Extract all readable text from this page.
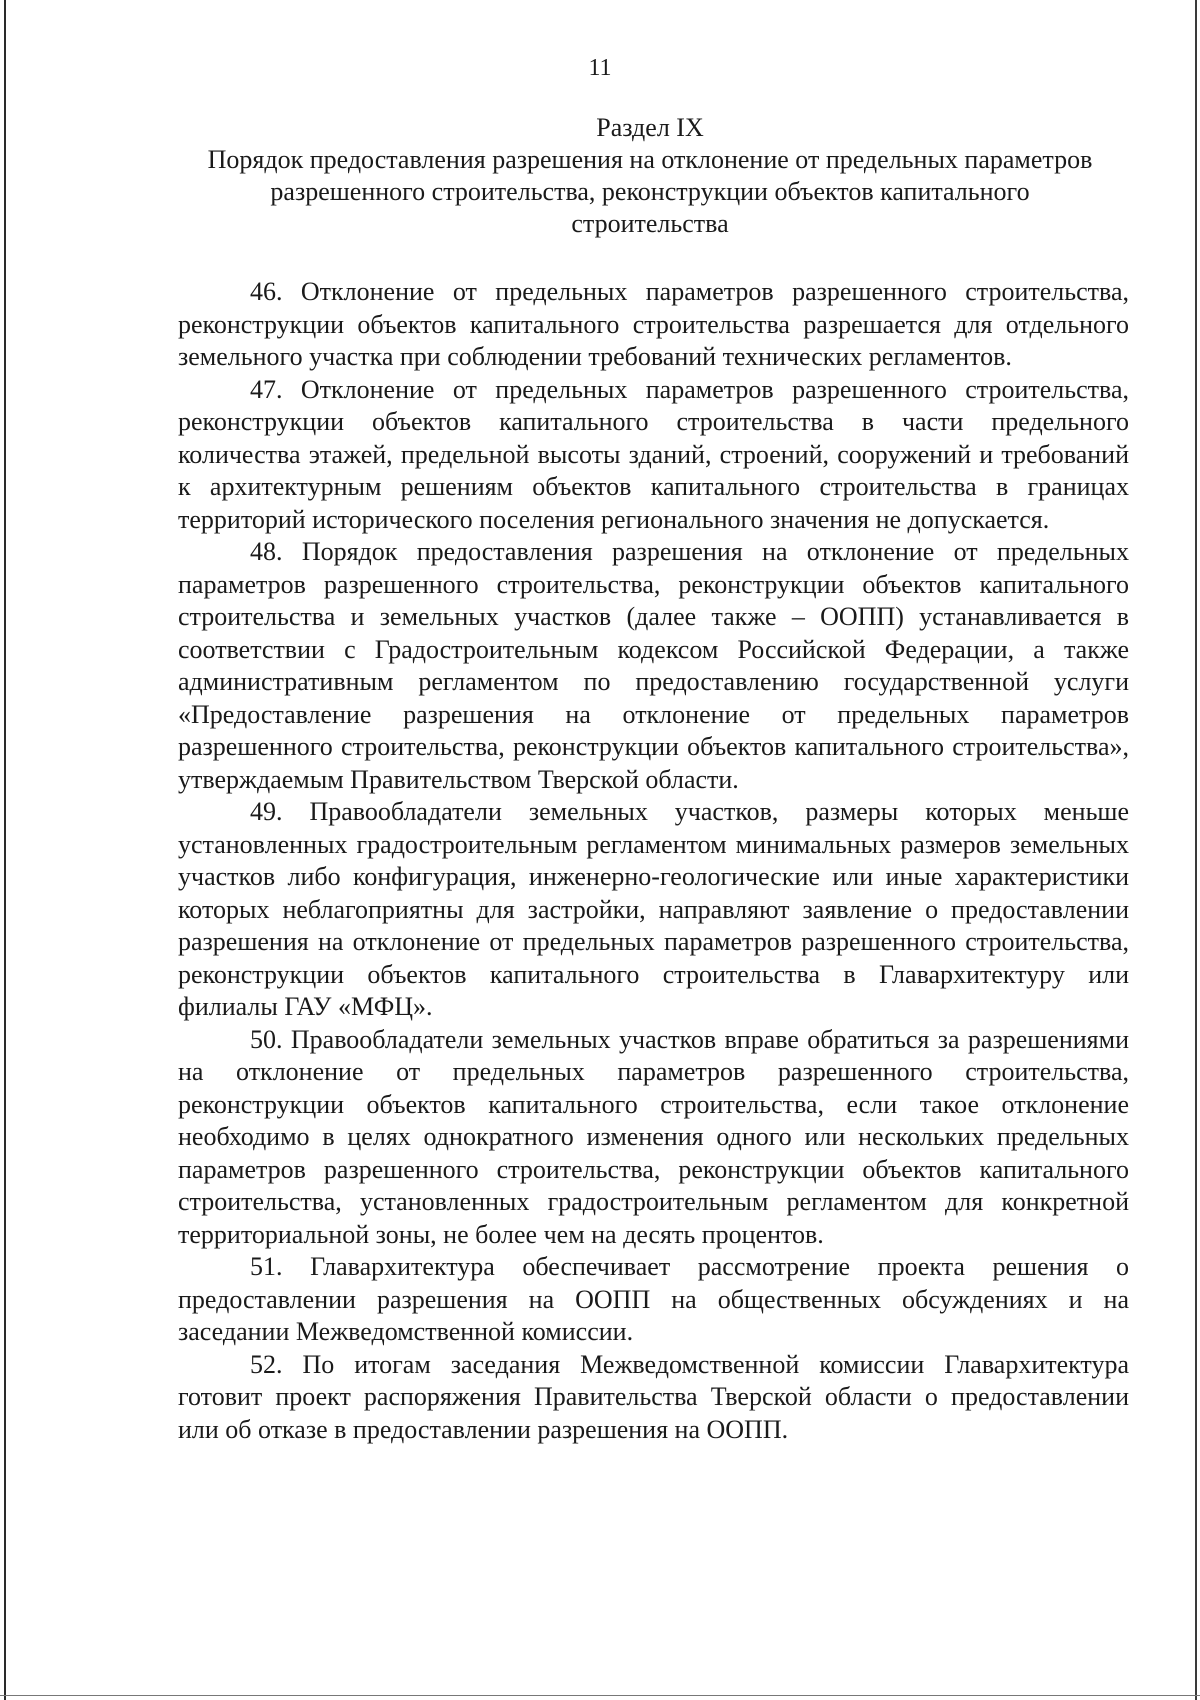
11
Раздел IX
Порядок предоставления разрешения на отклонение от предельных параметров разрешенного строительства, реконструкции объектов капитального строительства

46. Отклонение от предельных параметров разрешенного строительства, реконструкции объектов капитального строительства разрешается для отдельного земельного участка при соблюдении требований технических регламентов.

47. Отклонение от предельных параметров разрешенного строительства, реконструкции объектов капитального строительства в части предельного количества этажей, предельной высоты зданий, строений, сооружений и требований к архитектурным решениям объектов капитального строительства в границах территорий исторического поселения регионального значения не допускается.

48. Порядок предоставления разрешения на отклонение от предельных параметров разрешенного строительства, реконструкции объектов капитального строительства и земельных участков (далее также – ООПП) устанавливается в соответствии с Градостроительным кодексом Российской Федерации, а также административным регламентом по предоставлению государственной услуги «Предоставление разрешения на отклонение от предельных параметров разрешенного строительства, реконструкции объектов капитального строительства», утверждаемым Правительством Тверской области.

49. Правообладатели земельных участков, размеры которых меньше установленных градостроительным регламентом минимальных размеров земельных участков либо конфигурация, инженерно-геологические или иные характеристики которых неблагоприятны для застройки, направляют заявление о предоставлении разрешения на отклонение от предельных параметров разрешенного строительства, реконструкции объектов капитального строительства в Главархитектуру или филиалы ГАУ «МФЦ».

50. Правообладатели земельных участков вправе обратиться за разрешениями на отклонение от предельных параметров разрешенного строительства, реконструкции объектов капитального строительства, если такое отклонение необходимо в целях однократного изменения одного или нескольких предельных параметров разрешенного строительства, реконструкции объектов капитального строительства, установленных градостроительным регламентом для конкретной территориальной зоны, не более чем на десять процентов.

51. Главархитектура обеспечивает рассмотрение проекта решения о предоставлении разрешения на ООПП на общественных обсуждениях и на заседании Межведомственной комиссии.

52. По итогам заседания Межведомственной комиссии Главархитектура готовит проект распоряжения Правительства Тверской области о предоставлении или об отказе в предоставлении разрешения на ООПП.
